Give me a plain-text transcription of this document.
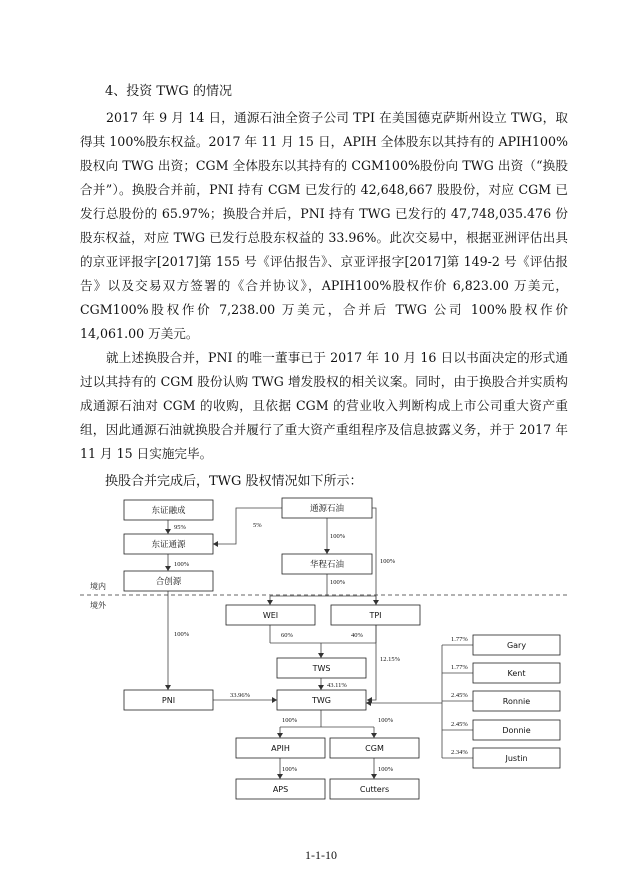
4、投资 TWG 的情况

2017 年 9 月 14 日，通源石油全资子公司 TPI 在美国德克萨斯州设立 TWG，取得其 100%股东权益。2017 年 11 月 15 日，APIH 全体股东以其持有的 APIH100%股权向 TWG 出资；CGM 全体股东以其持有的 CGM100%股份向 TWG 出资（“换股合并”）。换股合并前，PNI 持有 CGM 已发行的 42,648,667 股股份，对应 CGM 已发行总股份的 65.97%；换股合并后，PNI 持有 TWG 已发行的 47,748,035.476 份股东权益，对应 TWG 已发行总股东权益的 33.96%。此次交易中，根据亚洲评估出具的京亚评报字[2017]第 155 号《评估报告》、京亚评报字[2017]第 149-2 号《评估报告》以及交易双方签署的《合并协议》，APIH100%股权作价 6,823.00 万美元，CGM100%股权作价 7,238.00 万美元，合并后 TWG 公司 100%股权作价 14,061.00 万美元。

就上述换股合并，PNI 的唯一董事已于 2017 年 10 月 16 日以书面决定的形式通过以其持有的 CGM 股份认购 TWG 增发股权的相关议案。同时，由于换股合并实质构成通源石油对 CGM 的收购，且依据 CGM 的营业收入判断构成上市公司重大资产重组，因此通源石油就换股合并履行了重大资产重组程序及信息披露义务，并于 2017 年 11 月 15 日实施完毕。

换股合并完成后，TWG 股权情况如下所示：
境内
境外
东证融成
东证通源
合创源
通源石油
华程石油
WEI	TPI
TWS
PNI	TWG
APIH	CGM
APS	Cutters
Gary
Kent
Ronnie
Donnie
Justin
95%	5%
100%
100%
100%
100%
100%	60%	40%
12.15%
43.11%
33.96%
100%	100%
100%	100%
1.77%
1.77%
2.45%
2.45%
2.34%
1-1-10
